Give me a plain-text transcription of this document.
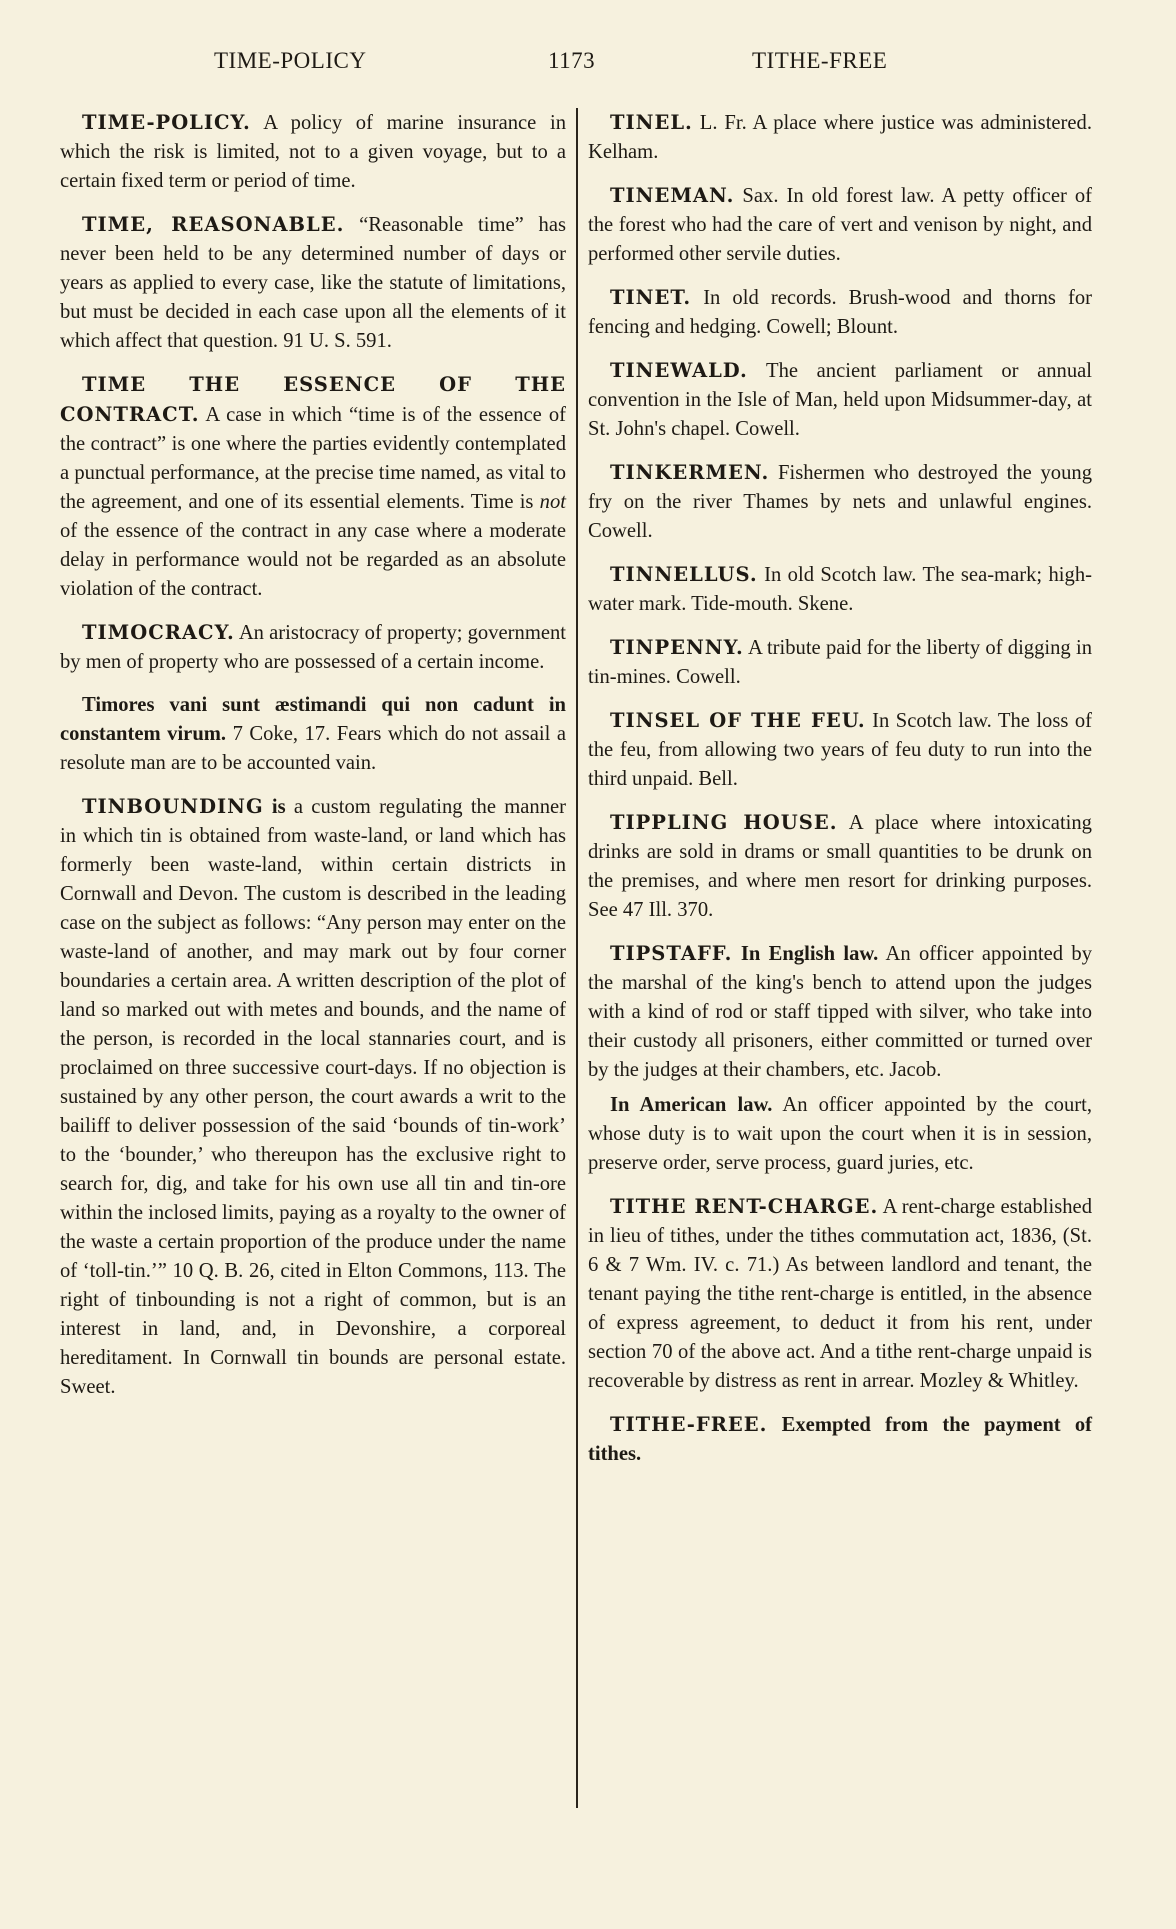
TIME-POLICY	1173	TITHE-FREE

TIME-POLICY. A policy of marine insurance in which the risk is limited, not to a given voyage, but to a certain fixed term or period of time.

TIME, REASONABLE. “Reasonable time” has never been held to be any determined number of days or years as applied to every case, like the statute of limitations, but must be decided in each case upon all the elements of it which affect that question. 91 U. S. 591.

TIME THE ESSENCE OF THE CONTRACT. A case in which “time is of the essence of the contract” is one where the parties evidently contemplated a punctual performance, at the precise time named, as vital to the agreement, and one of its essential elements. Time is not of the essence of the contract in any case where a moderate delay in performance would not be regarded as an absolute violation of the contract.

TIMOCRACY. An aristocracy of property; government by men of property who are possessed of a certain income.

Timores vani sunt æstimandi qui non cadunt in constantem virum. 7 Coke, 17. Fears which do not assail a resolute man are to be accounted vain.

TINBOUNDING is a custom regulating the manner in which tin is obtained from waste-land, or land which has formerly been waste-land, within certain districts in Cornwall and Devon. The custom is described in the leading case on the subject as follows: “Any person may enter on the waste-land of another, and may mark out by four corner boundaries a certain area. A written description of the plot of land so marked out with metes and bounds, and the name of the person, is recorded in the local stannaries court, and is proclaimed on three successive court-days. If no objection is sustained by any other person, the court awards a writ to the bailiff to deliver possession of the said ‘bounds of tin-work’ to the ‘bounder,’ who thereupon has the exclusive right to search for, dig, and take for his own use all tin and tin-ore within the inclosed limits, paying as a royalty to the owner of the waste a certain proportion of the produce under the name of ‘toll-tin.’” 10 Q. B. 26, cited in Elton Commons, 113. The right of tinbounding is not a right of common, but is an interest in land, and, in Devonshire, a corporeal hereditament. In Cornwall tin bounds are personal estate. Sweet.

TINEL. L. Fr. A place where justice was administered. Kelham.

TINEMAN. Sax. In old forest law. A petty officer of the forest who had the care of vert and venison by night, and performed other servile duties.

TINET. In old records. Brush-wood and thorns for fencing and hedging. Cowell; Blount.

TINEWALD. The ancient parliament or annual convention in the Isle of Man, held upon Midsummer-day, at St. John's chapel. Cowell.

TINKERMEN. Fishermen who destroyed the young fry on the river Thames by nets and unlawful engines. Cowell.

TINNELLUS. In old Scotch law. The sea-mark; high-water mark. Tide-mouth. Skene.

TINPENNY. A tribute paid for the liberty of digging in tin-mines. Cowell.

TINSEL OF THE FEU. In Scotch law. The loss of the feu, from allowing two years of feu duty to run into the third unpaid. Bell.

TIPPLING HOUSE. A place where intoxicating drinks are sold in drams or small quantities to be drunk on the premises, and where men resort for drinking purposes. See 47 Ill. 370.

TIPSTAFF. In English law. An officer appointed by the marshal of the king's bench to attend upon the judges with a kind of rod or staff tipped with silver, who take into their custody all prisoners, either committed or turned over by the judges at their chambers, etc. Jacob.

In American law. An officer appointed by the court, whose duty is to wait upon the court when it is in session, preserve order, serve process, guard juries, etc.

TITHE RENT-CHARGE. A rent-charge established in lieu of tithes, under the tithes commutation act, 1836, (St. 6 & 7 Wm. IV. c. 71.) As between landlord and tenant, the tenant paying the tithe rent-charge is entitled, in the absence of express agreement, to deduct it from his rent, under section 70 of the above act. And a tithe rent-charge unpaid is recoverable by distress as rent in arrear. Mozley & Whitley.

TITHE-FREE. Exempted from the payment of tithes.
